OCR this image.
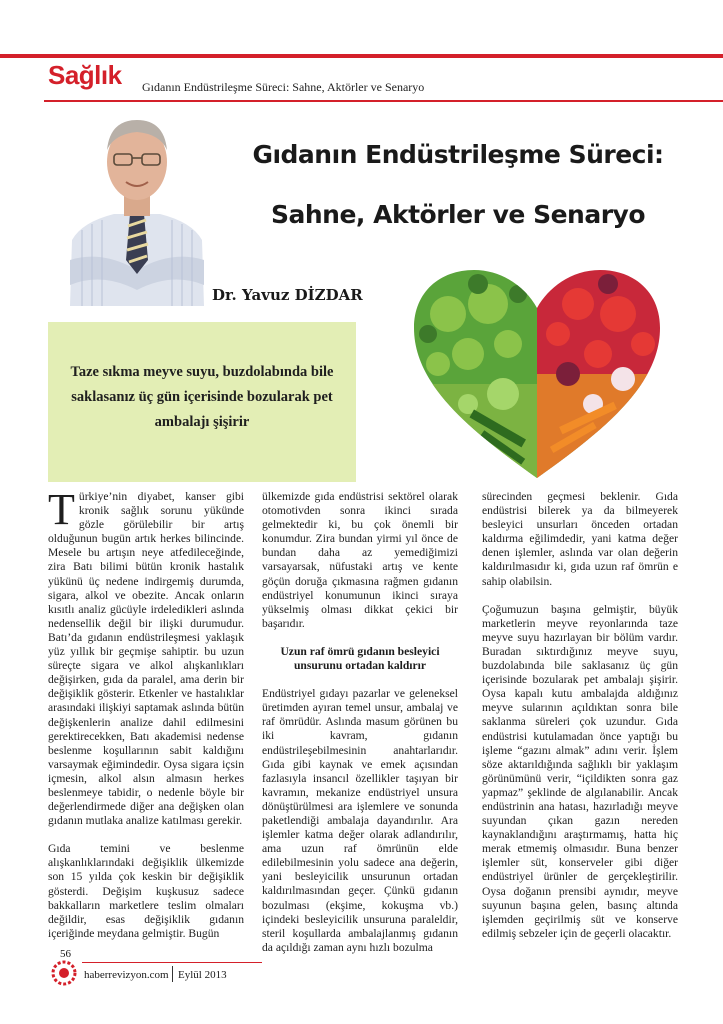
Sağlık Gıdanın Endüstrileşme Süreci: Sahne, Aktörler ve Senaryo
Gıdanın Endüstrileşme Süreci:
Sahne, Aktörler ve Senaryo
Dr. Yavuz DİZDAR
Taze sıkma meyve suyu, buzdolabında bile saklasanız üç gün içerisinde bozularak pet ambalajı şişirir

Türkiye’nin diyabet, kanser gibi kronik sağlık sorunu yükünde gözle görülebilir bir artış olduğunun bugün artık herkes bilincinde. Mesele bu artışın neye atfedileceğinde, zira Batı bilimi bütün kronik hastalık yükünü üç nedene indirgemiş durumda, sigara, alkol ve obezite. Ancak onların kısıtlı analiz gücüyle irdeledikleri aslında nedensellik değil bir ilişki durumudur. Batı’da gıdanın endüstrileşmesi yaklaşık yüz yıllık bir geçmişe sahiptir. bu uzun süreçte sigara ve alkol alışkanlıkları değişirken, gıda da paralel, ama derin bir değişiklik gösterir. Etkenler ve hastalıklar arasındaki ilişkiyi saptamak aslında bütün değişkenlerin analize dahil edilmesini gerektirecekken, Batı akademisi nedense beslenme koşullarının sabit kaldığını varsaymak eğimindedir. Oysa sigara içsin içmesin, alkol alsın almasın herkes beslenmeye tabidir, o nedenle böyle bir değerlendirmede diğer ana değişken olan gıdanın mutlaka analize katılması gerekir.

Gıda temini ve beslenme alışkanlıklarındaki değişiklik ülkemizde son 15 yılda çok keskin bir değişiklik gösterdi. Değişim kuşkusuz sadece bakkalların marketlere teslim olmaları değildir, esas değişiklik gıdanın içeriğinde meydana gelmiştir. Bugün

ülkemizde gıda endüstrisi sektörel olarak otomotivden sonra ikinci sırada gelmektedir ki, bu çok önemli bir konumdur. Zira bundan yirmi yıl önce de bundan daha az yemediğimizi varsayarsak, nüfustaki artış ve kente göçün doruğa çıkmasına rağmen gıdanın endüstriyel konumunun ikinci sıraya yükselmiş olması dikkat çekici bir başarıdır.

Uzun raf ömrü gıdanın besleyici unsurunu ortadan kaldırır

Endüstriyel gıdayı pazarlar ve geleneksel üretimden ayıran temel unsur, ambalaj ve raf ömrüdür. Aslında masum görünen bu iki kavram, gıdanın endüstrileşebilmesinin anahtarlarıdır. Gıda gibi kaynak ve emek açısından fazlasıyla insancıl özellikler taşıyan bir kavramın, mekanize endüstriyel unsura dönüştürülmesi ara işlemlere ve sonunda paketlendiği ambalaja dayandırılır. Ara işlemler katma değer olarak adlandırılır, ama uzun raf ömrünün elde edilebilmesinin yolu sadece ana değerin, yani besleyicilik unsurunun ortadan kaldırılmasından geçer. Çünkü gıdanın bozulması (ekşime, kokuşma vb.) içindeki besleyicilik unsuruna paraleldir, steril koşullarda ambalajlanmış gıdanın da açıldığı zaman aynı hızlı bozulma

sürecinden geçmesi beklenir. Gıda endüstrisi bilerek ya da bilmeyerek besleyici unsurları önceden ortadan kaldırma eğilimdedir, yani katma değer denen işlemler, aslında var olan değerin kaldırılmasıdır ki, gıda uzun raf ömrün e sahip olabilsin.

Çoğumuzun başına gelmiştir, büyük marketlerin meyve reyonlarında taze meyve suyu hazırlayan bir bölüm vardır. Buradan sıktırdığınız meyve suyu, buzdolabında bile saklasanız üç gün içerisinde bozularak pet ambalajı şişirir. Oysa kapalı kutu ambalajda aldığınız meyve sularının açıldıktan sonra bile saklanma süreleri çok uzundur. Gıda endüstrisi kutulamadan önce yaptığı bu işleme “gazını almak” adını verir. İşlem söze aktarıldığında sağlıklı bir yaklaşım görünümünü verir, “içildikten sonra gaz yapmaz” şeklinde de algılanabilir. Ancak endüstrinin ana hatası, hazırladığı meyve suyundan çıkan gazın nereden kaynaklandığını araştırmamış, hatta hiç merak etmemiş olmasıdır. Buna benzer işlemler süt, konserveler gibi diğer endüstriyel ürünler de gerçekleştirilir. Oysa doğanın prensibi aynıdır, meyve suyunun başına gelen, basınç altında işlemden geçirilmiş süt ve konserve edilmiş sebzeler için de geçerli olacaktır.

56
haberrevizyon.com Eylül 2013
